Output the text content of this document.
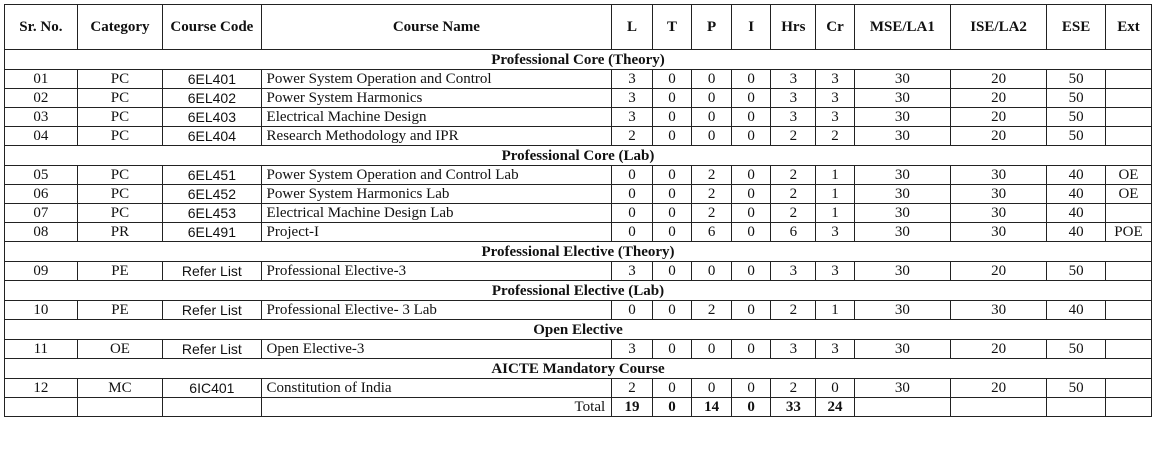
Sr. No.	Category	Course Code	Course Name	L	T	P	I	Hrs	Cr	MSE/LA1	ISE/LA2	ESE	Ext
Professional Core (Theory)													
01	PC	6EL401	Power System Operation and Control	3	0	0	0	3	3	30	20	50	
02	PC	6EL402	Power System Harmonics	3	0	0	0	3	3	30	20	50	
03	PC	6EL403	Electrical Machine Design	3	0	0	0	3	3	30	20	50	
04	PC	6EL404	Research Methodology and IPR	2	0	0	0	2	2	30	20	50	
Professional Core (Lab)													
05	PC	6EL451	Power System Operation and Control Lab	0	0	2	0	2	1	30	30	40	OE
06	PC	6EL452	Power System Harmonics Lab	0	0	2	0	2	1	30	30	40	OE
07	PC	6EL453	Electrical Machine Design Lab	0	0	2	0	2	1	30	30	40	
08	PR	6EL491	Project-I	0	0	6	0	6	3	30	30	40	POE
Professional Elective (Theory)													
09	PE	Refer List	Professional Elective-3	3	0	0	0	3	3	30	20	50	
Professional Elective (Lab)													
10	PE	Refer List	Professional Elective- 3 Lab	0	0	2	0	2	1	30	30	40	
Open Elective													
11	OE	Refer List	Open Elective-3	3	0	0	0	3	3	30	20	50	
AICTE Mandatory Course													
12	MC	6IC401	Constitution of India	2	0	0	0	2	0	30	20	50	
			Total	19	0	14	0	33	24				
